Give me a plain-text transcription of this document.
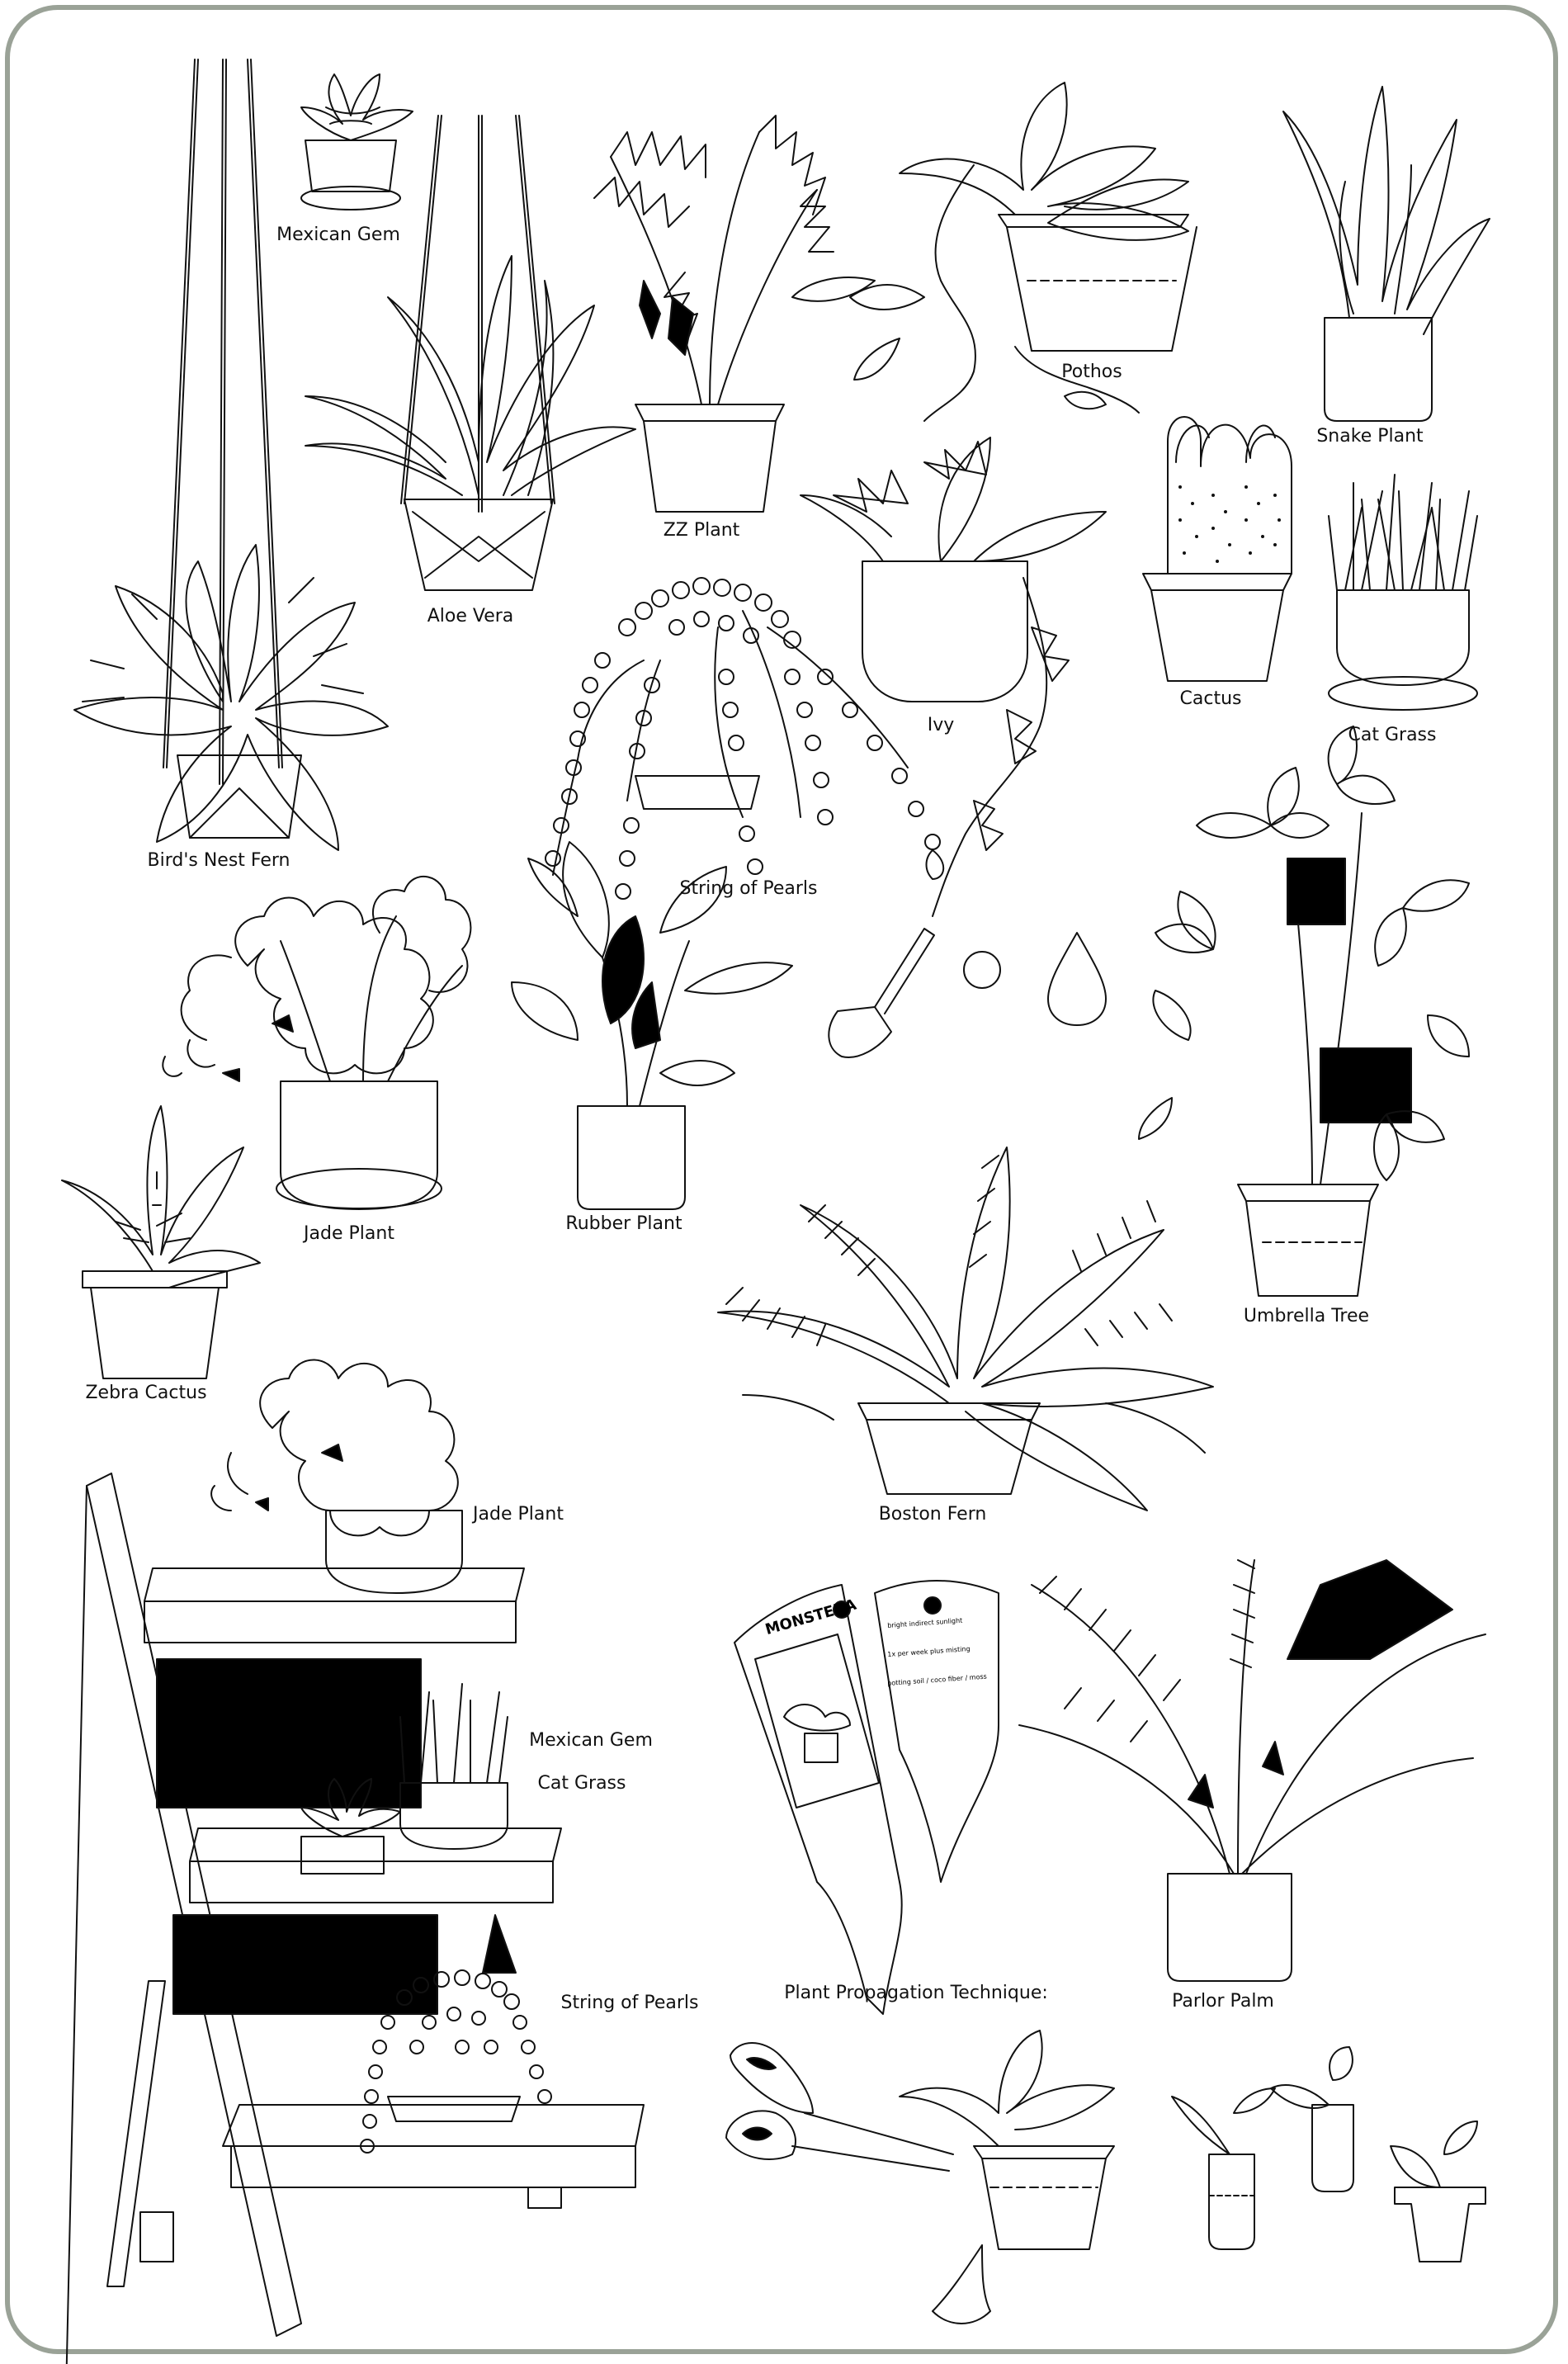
Mexican Gem
Aloe Vera
Bird's Nest Fern
ZZ Plant
Pothos
Snake Plant
String of Pearls
Ivy
Cactus
Cat Grass
Jade Plant	Rubber Plant
Umbrella Tree
Zebra Cactus
Boston Fern
Jade Plant
Mexican Gem
Cat Grass
String of Pearls	Parlor Palm
Plant Propagation Technique:
MONSTERA	bright indirect sunlight
1x per week plus misting
potting soil / coco fiber / moss
